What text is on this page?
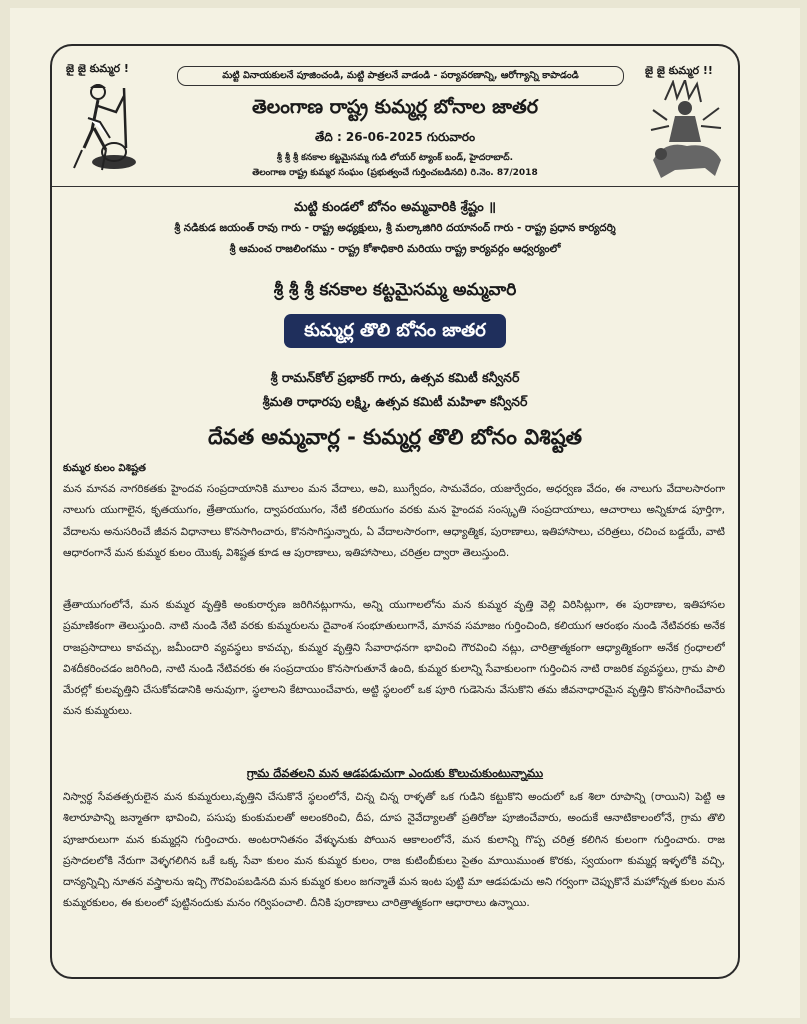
జై జై కుమ్మర !	జై జై కుమ్మర !!
మట్టి వినాయకులనే పూజించండి, మట్టి పాత్రలనే వాడండి - పర్యావరణాన్ని, ఆరోగ్యాన్ని కాపాడండి
తెలంగాణ రాష్ట్ర కుమ్మర్ల బోనాల జాతర
తేది : 26-06-2025 గురువారం
శ్రీ శ్రీ శ్రీ కనకాల కట్టమైసమ్మ గుడి లోయర్ ట్యాంక్ బండ్, హైదరాబాద్.
తెలంగాణ రాష్ట్ర కుమ్మర సంఘం (ప్రభుత్వంచే గుర్తించబడినది) రి.నెం. 87/2018
మట్టి కుండలో బోనం అమ్మవారికి శ్రేష్టం ॥
శ్రీ నడికుడ జయంత్ రావు గారు - రాష్ట్ర అధ్యక్షులు, శ్రీ మల్కాజిగిరి దయానంద్ గారు - రాష్ట్ర ప్రధాన కార్యదర్శి
శ్రీ ఆమంచ రాజలింగము - రాష్ట్ర కోశాధికారి మరియు రాష్ట్ర కార్యవర్గం ఆధ్వర్యంలో
శ్రీ శ్రీ శ్రీ కనకాల కట్టమైసమ్మ అమ్మవారి
కుమ్మర్ల తొలి బోనం జాతర
శ్రీ రామన్‌కోల్ ప్రభాకర్ గారు, ఉత్సవ కమిటీ కన్వీనర్
శ్రీమతి రాధారపు లక్ష్మి, ఉత్సవ కమిటీ మహిళా కన్వీనర్
దేవత అమ్మవార్ల - కుమ్మర్ల తొలి బోనం విశిష్టత
కుమ్మర కులం విశిష్టత

మన మానవ నాగరికతకు హైందవ సంప్రదాయానికి మూలం మన వేదాలు, అవి, ఋగ్వేదం, సామవేదం, యజుర్వేదం, అధర్వణ వేదం, ఈ నాలుగు వేదాలసారంగా నాలుగు యుగాలైన, కృతయుగం, త్రేతాయుగం, ద్వాపరయుగం, నేటి కలియుగం వరకు మన హైందవ సంస్కృతి సంప్రదాయాలు, ఆచారాలు అన్నికూడ పూర్తిగా, వేదాలను అనుసరించే జీవన విధానాలు కొనసాగించారు, కొనసాగిస్తున్నారు, ఏ వేదాలసారంగా, ఆధ్యాత్మిక, పురాణాలు, ఇతిహాసాలు, చరిత్రలు, రచించ బడ్డయే, వాటి ఆధారంగానే మన కుమ్మర కులం యొక్క విశిష్టత కూడ ఆ పురాణాలు, ఇతిహాసాలు, చరిత్రల ద్వారా తెలుస్తుంది.

త్రేతాయుగంలోనే, మన కుమ్మర వృత్తికి అంకురార్పణ జరిగినట్లుగాను, అన్ని యుగాలలోను మన కుమ్మర వృత్తి వెల్లి విరిసిట్లుగా, ఈ పురాణాల, ఇతిహాసల ప్రమాణికంగా తెలుస్తుంది. నాటి నుండి నేటి వరకు కుమ్మరులను దైవాంశ సంభూతులుగానే, మానవ సమాజం గుర్తించింది, కలియుగ ఆరంభం నుండి నేటివరకు అనేక రాజప్రసాదాలు కావచ్చు, జమీందారి వ్యవస్థలు కావచ్చు, కుమ్మర వృత్తిని సేవారాధనగా భావించి గౌరవించి నట్లు, చారిత్రాత్మకంగా ఆధ్యాత్మికంగా అనేక గ్రంధాలలో విశదీకరించడం జరిగింది, నాటి నుండి నేటివరకు ఈ సంప్రదాయం కొనసాగుతూనే ఉంది, కుమ్మర కులాన్ని సేవాకులంగా గుర్తించిన నాటి రాజరిక వ్యవస్థలు, గ్రామ పాలి మేరల్లో కులవృత్తిని చేసుకోవడానికి అనువుగా, స్థలాలని కేటాయించేవారు, అట్టి స్థలంలో ఒక పూరి గుడెసెను వేసుకొని తమ జీవనాధారమైన వృత్తిని కొనసాగించేవారు మన కుమ్మరులు.

గ్రామ దేవతలని మన ఆడపడుచుగా ఎందుకు కొలుచుకుంటున్నాము

నిస్వార్థ సేవతత్పరులైన మన కుమ్మరులు,వృత్తిని చేసుకొనే స్థలంలోనే, చిన్న చిన్న రాళ్ళతో ఒక గుడిని కట్టుకొని అందులో ఒక శిలా రూపాన్ని (రాయిని) పెట్టి ఆ శిలారూపాన్ని జన్మాతగా భావించి, పసుపు కుంకుమలతో అలంకరించి, దీప, దూప నైవేద్యాలతో ప్రతిరోజు పూజించేవారు, అందుకే ఆనాటికాలంలోనే, గ్రామ తొలి పూజారులుగా మన కుమ్మర్లని గుర్తించారు. అంటరానితనం వేళ్ళునుకు పోయిన ఆకాలంలోనే, మన కులాన్ని గొప్ప చరిత్ర కలిగిన కులంగా గుర్తించారు. రాజ ప్రసాదలలోకి నేరుగా వెళ్ళగలిగిన ఒకే ఒక్క సేవా కులం మన కుమ్మర కులం, రాజ కుటింబీకులు సైతం మాయిముంత కొరకు, స్వయంగా కుమ్మర్ల ఇళ్ళలోకి వచ్చి, దాన్యన్నిచ్చి నూతన వస్త్రాలను ఇచ్చి గౌరవింపబడినది మన కుమ్మర కులం జగన్మాతే మన ఇంట పుట్టి మా ఆడపడుచు అని గర్వంగా చెప్పుకొనే మహోన్నత కులం మన కుమ్మరకులం, ఈ కులంలో పుట్టినందుకు మనం గర్విపంచాలి. దీనికి పురాణాలు చారిత్రాత్మకంగా ఆధారాలు ఉన్నాయి.
